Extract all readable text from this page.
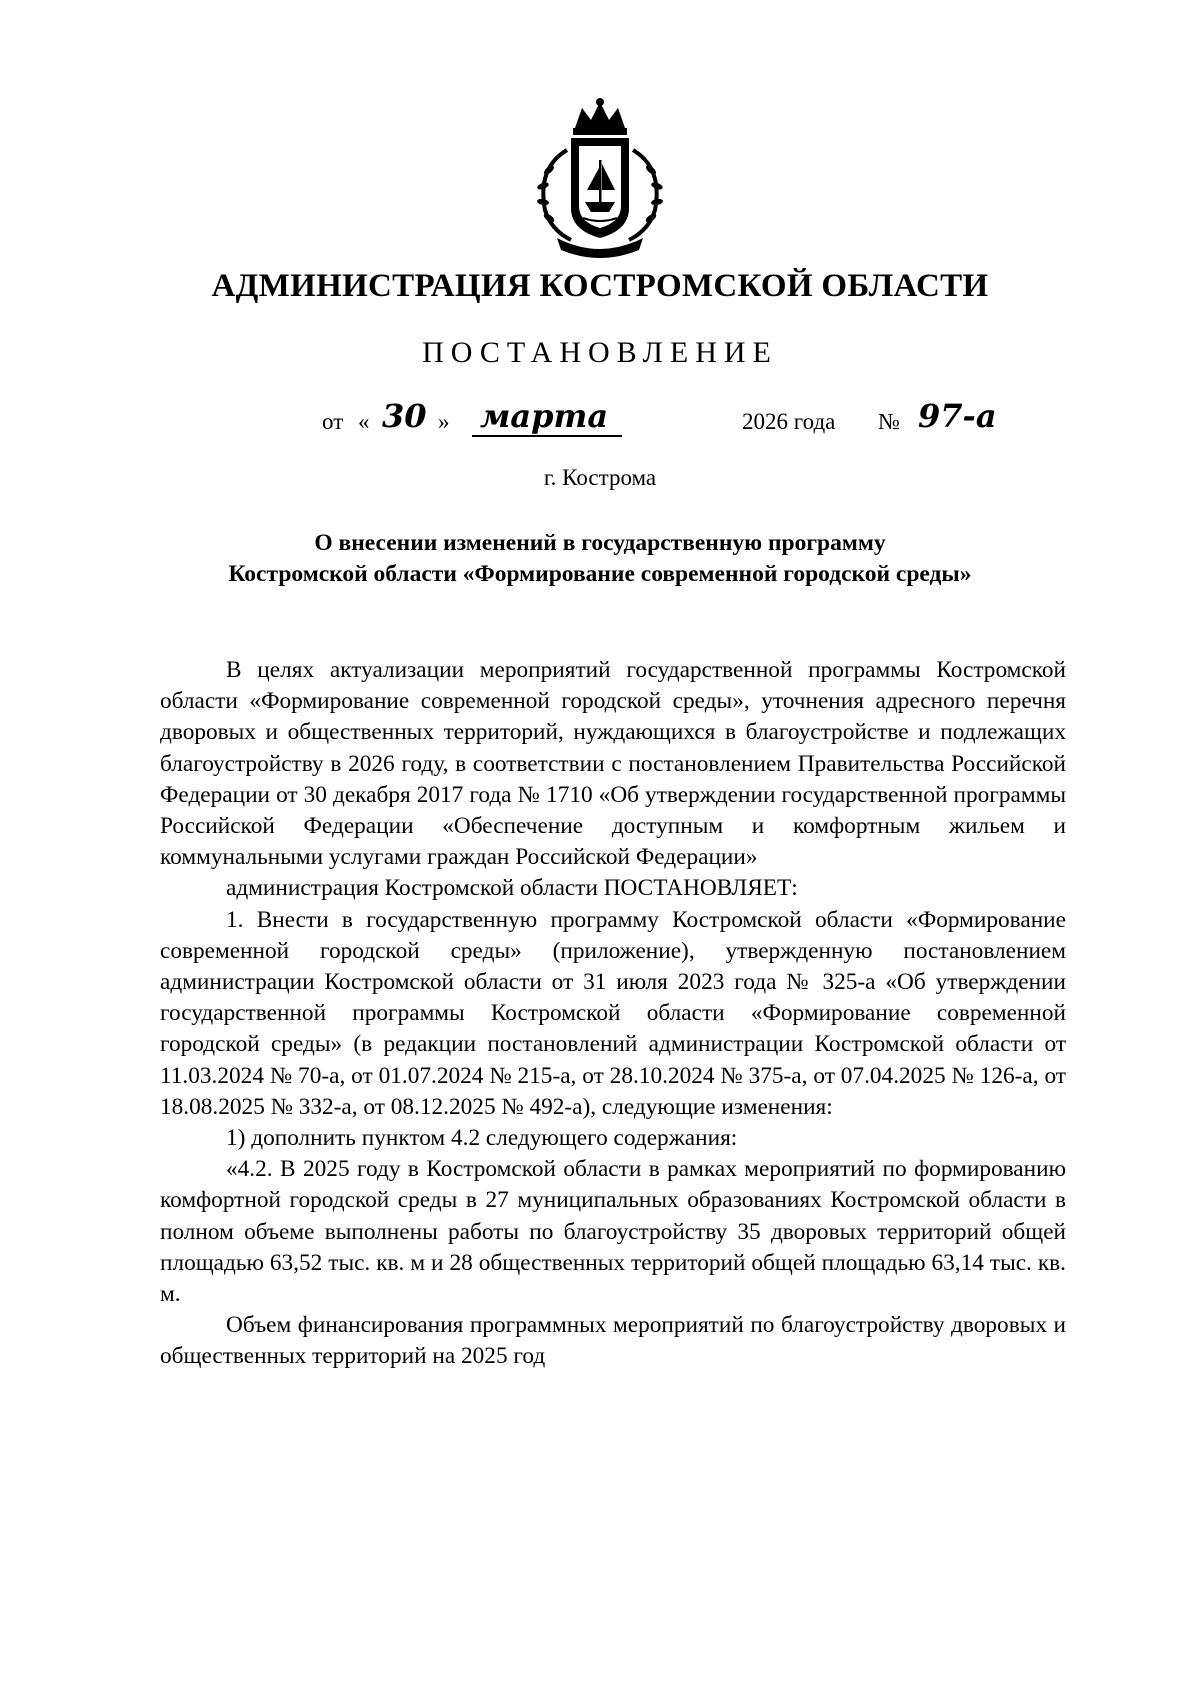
АДМИНИСТРАЦИЯ КОСТРОМСКОЙ ОБЛАСТИ
ПОСТАНОВЛЕНИЕ
от « 30 » марта	2026 года № 97-а
г. Кострома
О внесении изменений в государственную программу
Костромской области «Формирование современной городской среды»

В целях актуализации мероприятий государственной программы Костромской области «Формирование современной городской среды», уточнения адресного перечня дворовых и общественных территорий, нуждающихся в благоустройстве и подлежащих благоустройству в 2026 году, в соответствии с постановлением Правительства Российской Федерации от 30 декабря 2017 года № 1710 «Об утверждении государственной программы Российской Федерации «Обеспечение доступным и комфортным жильем и коммунальными услугами граждан Российской Федерации»

администрация Костромской области ПОСТАНОВЛЯЕТ:

1. Внести в государственную программу Костромской области «Формирование современной городской среды» (приложение), утвержденную постановлением администрации Костромской области от 31 июля 2023 года № 325-а «Об утверждении государственной программы Костромской области «Формирование современной городской среды» (в редакции постановлений администрации Костромской области от 11.03.2024 № 70-а, от 01.07.2024 № 215-а, от 28.10.2024 № 375-а, от 07.04.2025 № 126-а, от 18.08.2025 № 332-а, от 08.12.2025 № 492-а), следующие изменения:

1) дополнить пунктом 4.2 следующего содержания:

«4.2. В 2025 году в Костромской области в рамках мероприятий по формированию комфортной городской среды в 27 муниципальных образованиях Костромской области в полном объеме выполнены работы по благоустройству 35 дворовых территорий общей площадью 63,52 тыс. кв. м и 28 общественных территорий общей площадью 63,14 тыс. кв. м.

Объем финансирования программных мероприятий по благоустройству дворовых и общественных территорий на 2025 год
